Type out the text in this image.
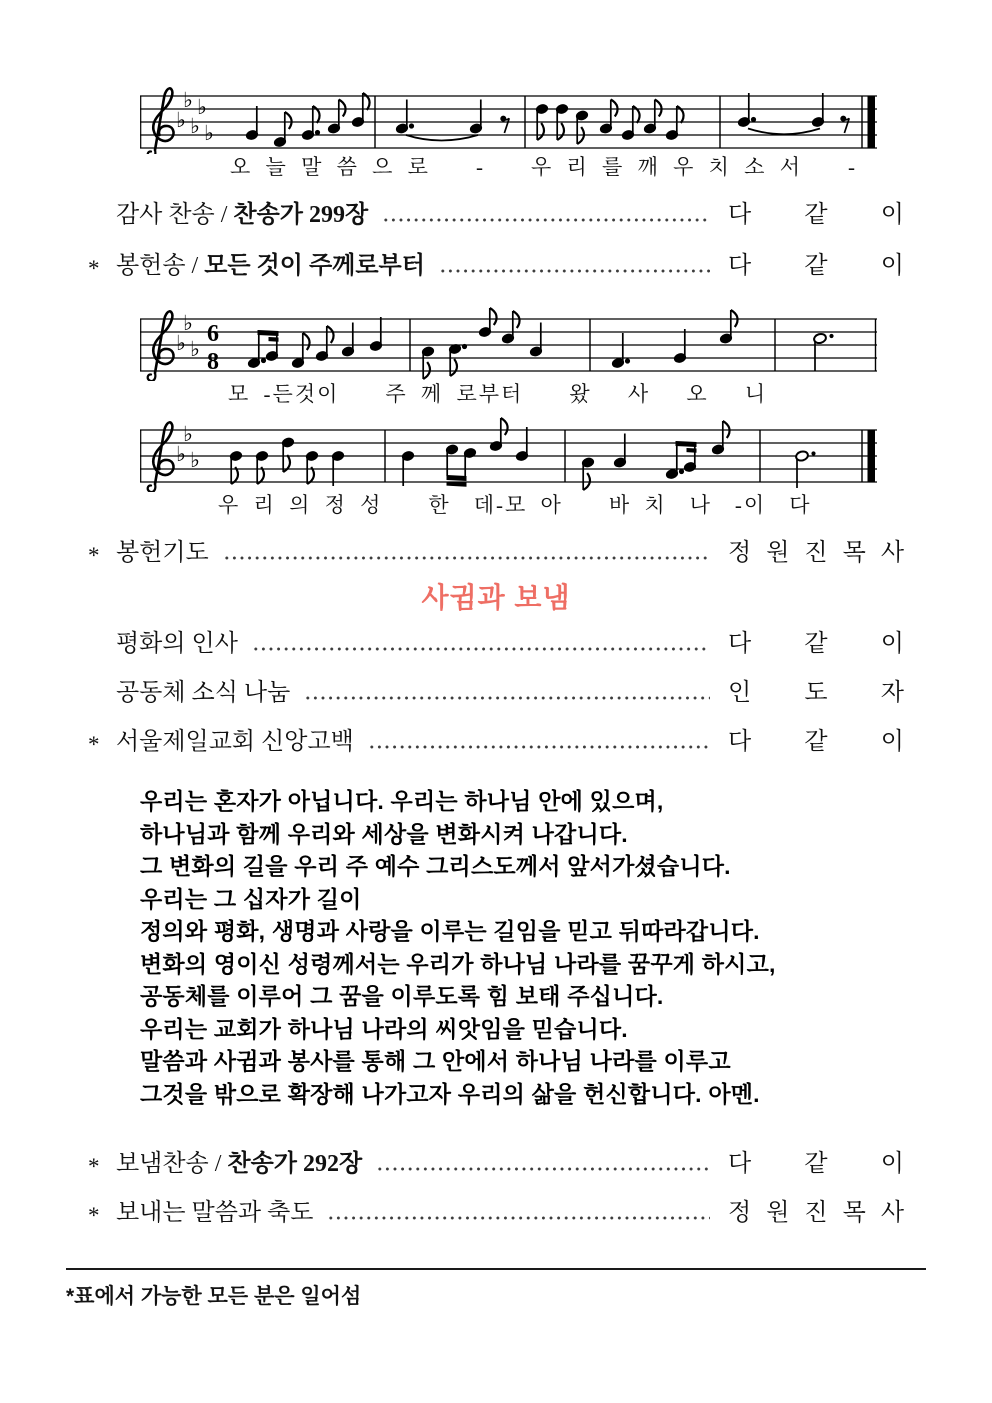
♭
♭
♭
♭
♭
오 늘 말 씀 으 로　　-　　우 리 를 깨 우 치 소 서　　-
감사 찬송 / 찬송가 299장	다 같 이
* 봉헌송 / 모든 것이 주께로부터	다 같 이
♭
♭
♭
6
8
모 -든것이　　주 께 로부터　　왔　 사　 오　 니
♭
♭
♭
우 리 의 정 성　　한　데-모 아　　바 치　나　-이　다
* 봉헌기도	정 원 진 목 사
사귐과 보냄
평화의 인사	다 같 이
공동체 소식 나눔	인 도 자
* 서울제일교회 신앙고백	다 같 이
우리는 혼자가 아닙니다. 우리는 하나님 안에 있으며,
하나님과 함께 우리와 세상을 변화시켜 나갑니다.
그 변화의 길을 우리 주 예수 그리스도께서 앞서가셨습니다.
우리는 그 십자가 길이
정의와 평화, 생명과 사랑을 이루는 길임을 믿고 뒤따라갑니다.
변화의 영이신 성령께서는 우리가 하나님 나라를 꿈꾸게 하시고,
공동체를 이루어 그 꿈을 이루도록 힘 보태 주십니다.
우리는 교회가 하나님 나라의 씨앗임을 믿습니다.
말씀과 사귐과 봉사를 통해 그 안에서 하나님 나라를 이루고
그것을 밖으로 확장해 나가고자 우리의 삶을 헌신합니다. 아멘.
* 보냄찬송 / 찬송가 292장	다 같 이
* 보내는 말씀과 축도	정 원 진 목 사
*표에서 가능한 모든 분은 일어섬
